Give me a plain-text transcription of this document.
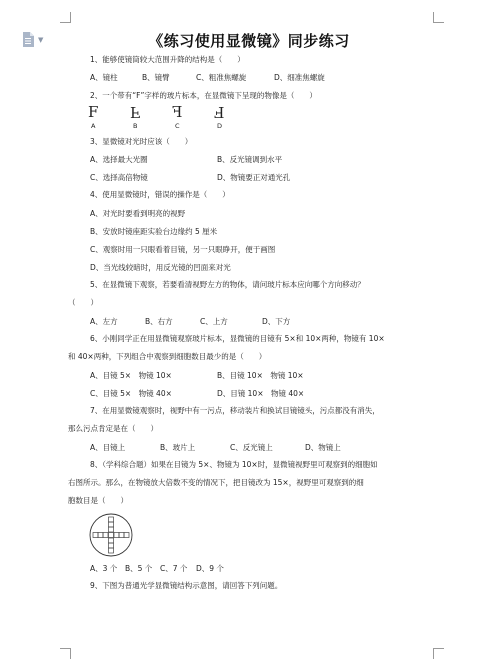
▼	《练习使用显微镜》同步练习
1、能够使镜筒较大范围升降的结构是（　　）
A、镜柱	B、镜臂	C、粗准焦螺旋	D、细准焦螺旋
2、一个带有“F”字样的玻片标本，在显微镜下呈现的物像是（　　）
F F F F
A	B	C	D
3、显微镜对光时应该（　　）
A、选择最大光圈	B、反光镜调到水平
C、选择高倍物镜	D、物镜要正对通光孔
4、使用显微镜时，错误的操作是（　　）
A、对光时要看到明亮的视野
B、安放时镜座距实验台边缘约 5 厘米
C、观察时用一只眼看着目镜，另一只眼睁开，便于画图
D、当光线较暗时，用反光镜的凹面来对光
5、在显微镜下观察，若要看清视野左方的物体，请问玻片标本应向哪个方向移动？
（　　）
A、左方	B、右方	C、上方	D、下方
6、小刚同学正在用显微镜观察玻片标本，显微镜的目镜有 5×和 10×两种，物镜有 10×
和 40×两种，下列组合中观察到细胞数目最少的是（　　）
A、目镜 5×　物镜 10×	B、目镜 10×　物镜 10×
C、目镜 5×　物镜 40×	D、目镜 10×　物镜 40×
7、在用显微镜观察时，视野中有一污点，移动装片和换试目镜镜头，污点都没有消失，
那么污点肯定是在（　　）
A、目镜上	B、玻片上	C、反光镜上	D、物镜上
8、（学科综合题）如果在目镜为 5×、物镜为 10×时，显微镜视野里可观察到的细胞如
右图所示。那么，在物镜放大倍数不变的情况下，把目镜改为 15×，视野里可观察到的细
胞数目是（　　）
A、3 个 B、5 个 C、7 个 D、9 个
9、下图为普通光学显微镜结构示意图，请回答下列问题。
